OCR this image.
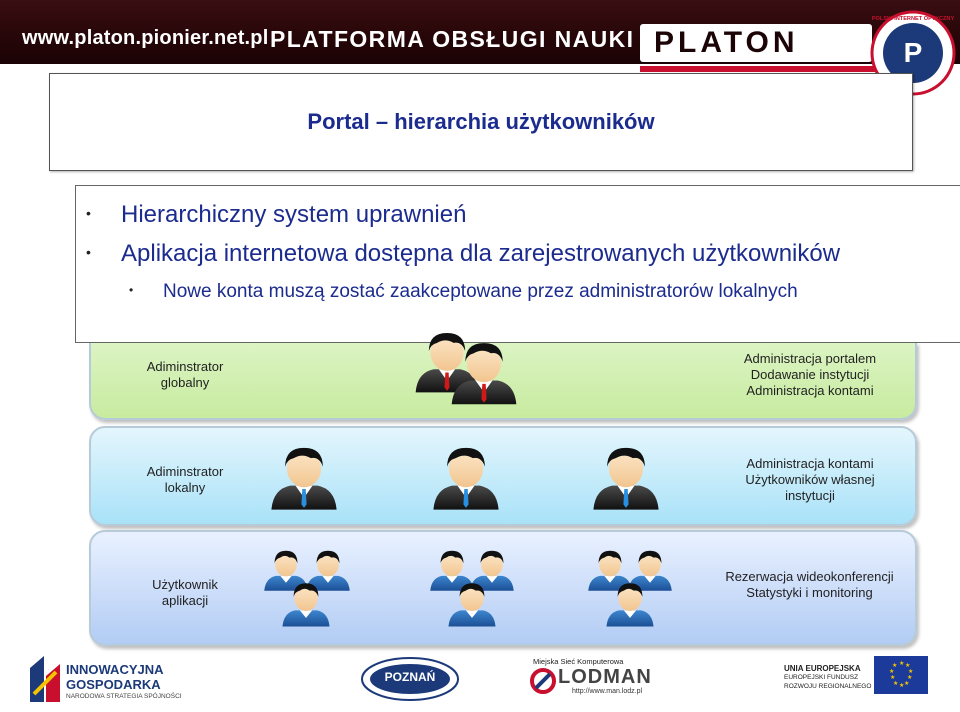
www.platon.pionier.net.pl PLATFORMA OBSŁUGI NAUKI PLATON	P
POLSKI INTERNET OPTYCZNY
Portal – hierarchia użytkowników
• Hierarchiczny system uprawnień
• Aplikacja internetowa dostępna dla zarejestrowanych użytkowników
• Nowe konta muszą zostać zaakceptowane przez administratorów lokalnych
Adiminstrator
globalny
Administracja portalem
Dodawanie instytucji
Administracja kontami
Adiminstrator
lokalny
Administracja kontami
Użytkowników własnej
instytucji
Użytkownik
aplikacji
Rezerwacja wideokonferencji
Statystyki i monitoring
INNOWACYJNA
GOSPODARKA
NARODOWA STRATEGIA SPÓJNOŚCI
POZNAŃ
Miejska Sieć Komputerowa
LODMAN
http://www.man.lodz.pl
UNIA EUROPEJSKA
EUROPEJSKI FUNDUSZ
ROZWOJU REGIONALNEGO
★ ★
★
★
★
★
★
★
★
★
